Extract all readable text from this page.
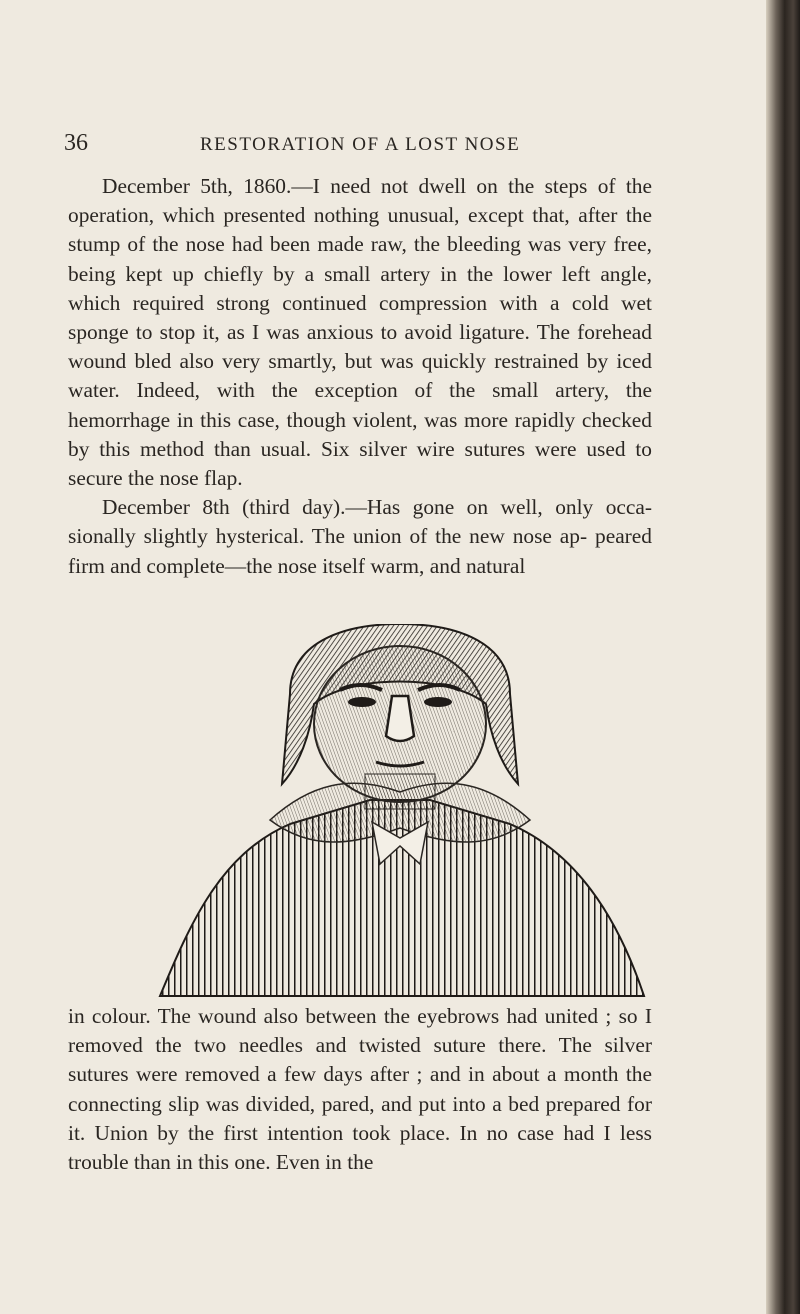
36	RESTORATION OF A LOST NOSE

December 5th, 1860.—I need not dwell on the steps of the operation, which presented nothing unusual, except that, after the stump of the nose had been made raw, the bleeding was very free, being kept up chiefly by a small artery in the lower left angle, which required strong continued compression with a cold wet sponge to stop it, as I was anxious to avoid ligature. The forehead wound bled also very smartly, but was quickly restrained by iced water. Indeed, with the exception of the small artery, the hemorrhage in this case, though violent, was more rapidly checked by this method than usual. Six silver wire sutures were used to secure the nose flap.

December 8th (third day).—Has gone on well, only occa- sionally slightly hysterical. The union of the new nose ap- peared firm and complete—the nose itself warm, and natural

in colour. The wound also between the eyebrows had united ; so I removed the two needles and twisted suture there. The silver sutures were removed a few days after ; and in about a month the connecting slip was divided, pared, and put into a bed prepared for it. Union by the first intention took place. In no case had I less trouble than in this one. Even in the
